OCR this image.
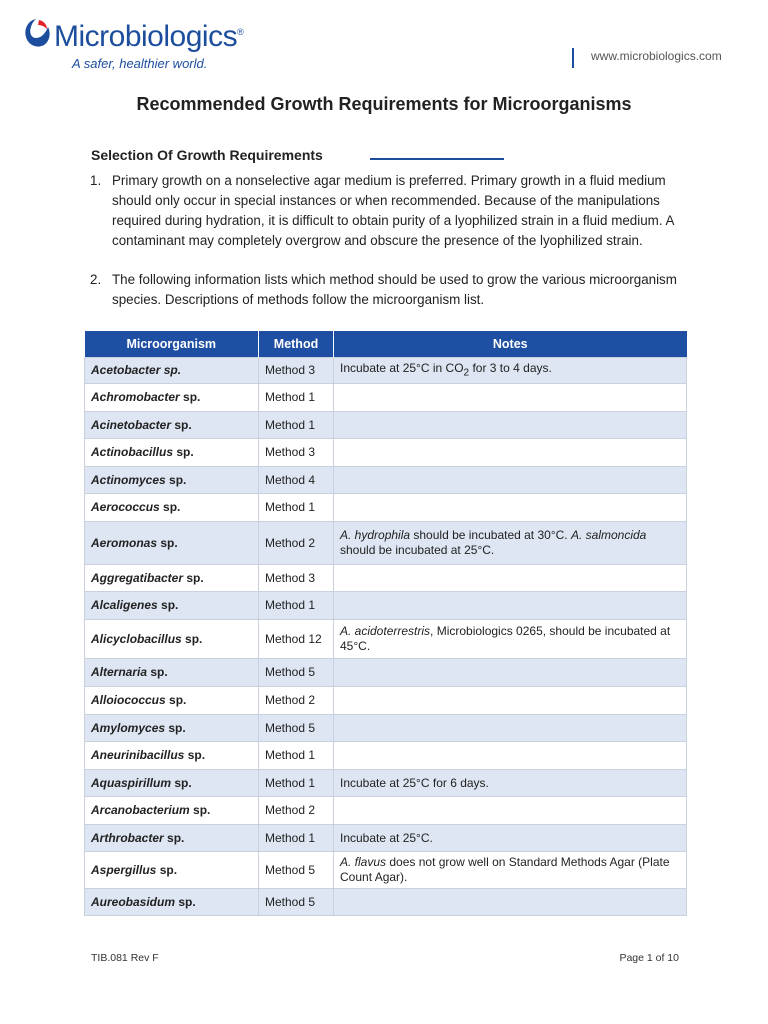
Microbiologics®
A safer, healthier world.	www.microbiologics.com
Recommended Growth Requirements for Microorganisms
Selection Of Growth Requirements
1. Primary growth on a nonselective agar medium is preferred. Primary growth in a fluid medium should only occur in special instances or when recommended. Because of the manipulations required during hydration, it is difficult to obtain purity of a lyophilized strain in a fluid medium. A contaminant may completely overgrow and obscure the presence of the lyophilized strain.
2. The following information lists which method should be used to grow the various microorganism species. Descriptions of methods follow the microorganism list.
Microorganism	Method	Notes
Acetobacter sp.	Method 3	Incubate at 25°C in $CO_2$ for 3 to 4 days.
Achromobacter sp.	Method 1	
Acinetobacter sp.	Method 1	
Actinobacillus sp.	Method 3	
Actinomyces sp.	Method 4	
Aerococcus sp.	Method 1	
Aeromonas sp.	Method 2	A. hydrophila should be incubated at 30°C. A. salmoncida should be incubated at 25°C.
Aggregatibacter sp.	Method 3	
Alcaligenes sp.	Method 1	
Alicyclobacillus sp.	Method 12	A. acidoterrestris, Microbiologics 0265, should be incubated at 45°C.
Alternaria sp.	Method 5	
Alloiococcus sp.	Method 2	
Amylomyces sp.	Method 5	
Aneurinibacillus sp.	Method 1	
Aquaspirillum sp.	Method 1	Incubate at 25°C for 6 days.
Arcanobacterium sp.	Method 2	
Arthrobacter sp.	Method 1	Incubate at 25°C.
Aspergillus sp.	Method 5	A. flavus does not grow well on Standard Methods Agar (Plate Count Agar).
Aureobasidum sp.	Method 5	
TIB.081 Rev F	Page 1 of 10
